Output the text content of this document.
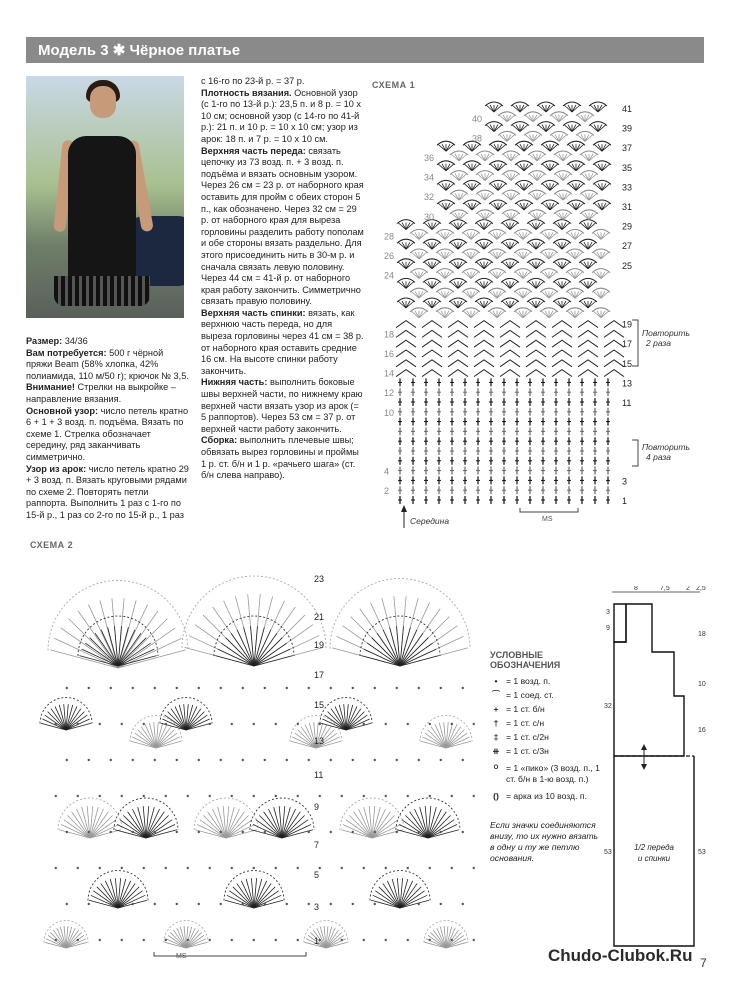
Модель 3 ✱ Чёрное платье

Размер: 34/36

Вам потребуется: 500 г чёрной пряжи Beam (58% хлопка, 42% полиамида, 110 м/50 г); крючок № 3,5.

Внимание! Стрелки на выкройке – направление вязания.

Основной узор: число петель кратно 6 + 1 + 3 возд. п. подъёма. Вязать по схеме 1. Стрелка обозначает середину, ряд заканчивать симметрично.

Узор из арок: число петель кратно 29 + 3 возд. п. Вязать круговыми рядами по схеме 2. Повторять петли раппорта. Выполнить 1 раз с 1-го по 15-й р., 1 раз со 2-го по 15-й р., 1 раз

с 16-го по 23-й р. = 37 р.

Плотность вязания. Основной узор (с 1-го по 13-й р.): 23,5 п. и 8 р. = 10 х 10 см; основной узор (с 14-го по 41-й р.): 21 п. и 10 р. = 10 х 10 см; узор из арок: 18 п. и 7 р. = 10 х 10 см.

Верхняя часть переда: связать цепочку из 73 возд. п. + 3 возд. п. подъёма и вязать основным узором. Через 26 см = 23 р. от наборного края оставить для пройм с обеих сторон 5 п., как обозначено. Через 32 см = 29 р. от наборного края для выреза горловины разделить работу пополам и обе стороны вязать раздельно. Для этого присоединить нить в 30-м р. и сначала связать левую половину. Через 44 см = 41-й р. от наборного края работу закончить. Симметрично связать правую половину.

Верхняя часть спинки: вязать, как верхнюю часть переда, но для выреза горловины через 41 см = 38 р. от наборного края оставить средние 16 см. На высоте спинки работу закончить.

Нижняя часть: выполнить боковые швы верхней части, по нижнему краю верхней части вязать узор из арок (= 5 раппортов). Через 53 см = 37 р. от верхней части работу закончить.

Сборка: выполнить плечевые швы; обвязать вырез горловины и проймы 1 р. ст. б/н и 1 р. «рачьего шага» (ст. б/н слева направо).

СХЕМА 1
41
39
37
35
33
31
29
27
25
19
17
15
13
11
3
1
40
38
36
34
32
30
28
26
24
18
16
14
12
10
4
2
Повторить
2 раза
Повторить
4 раза
MS
Середина
СХЕМА 2
23
21
19
17
15
13
11
9
7
5
3
1
MS
УСЛОВНЫЕ ОБОЗНАЧЕНИЯ
• = 1 возд. п.
⁀ = 1 соед. ст.
+ = 1 ст. б/н
† = 1 ст. с/н
‡ = 1 ст. с/2н
⧺ = 1 ст. с/3н
ᴼ = 1 «пико» (3 возд. п., 1 ст. б/н в 1-ю возд. п.)
() = арка из 10 возд. п.
Если значки соединяются внизу, то их нужно вязать в одну и ту же петлю основания.
8	7,5 2 2,5
3
9
32
18
10
16
53
53
1/2 переда
и спинки
Chudo-Clubok.Ru 7
